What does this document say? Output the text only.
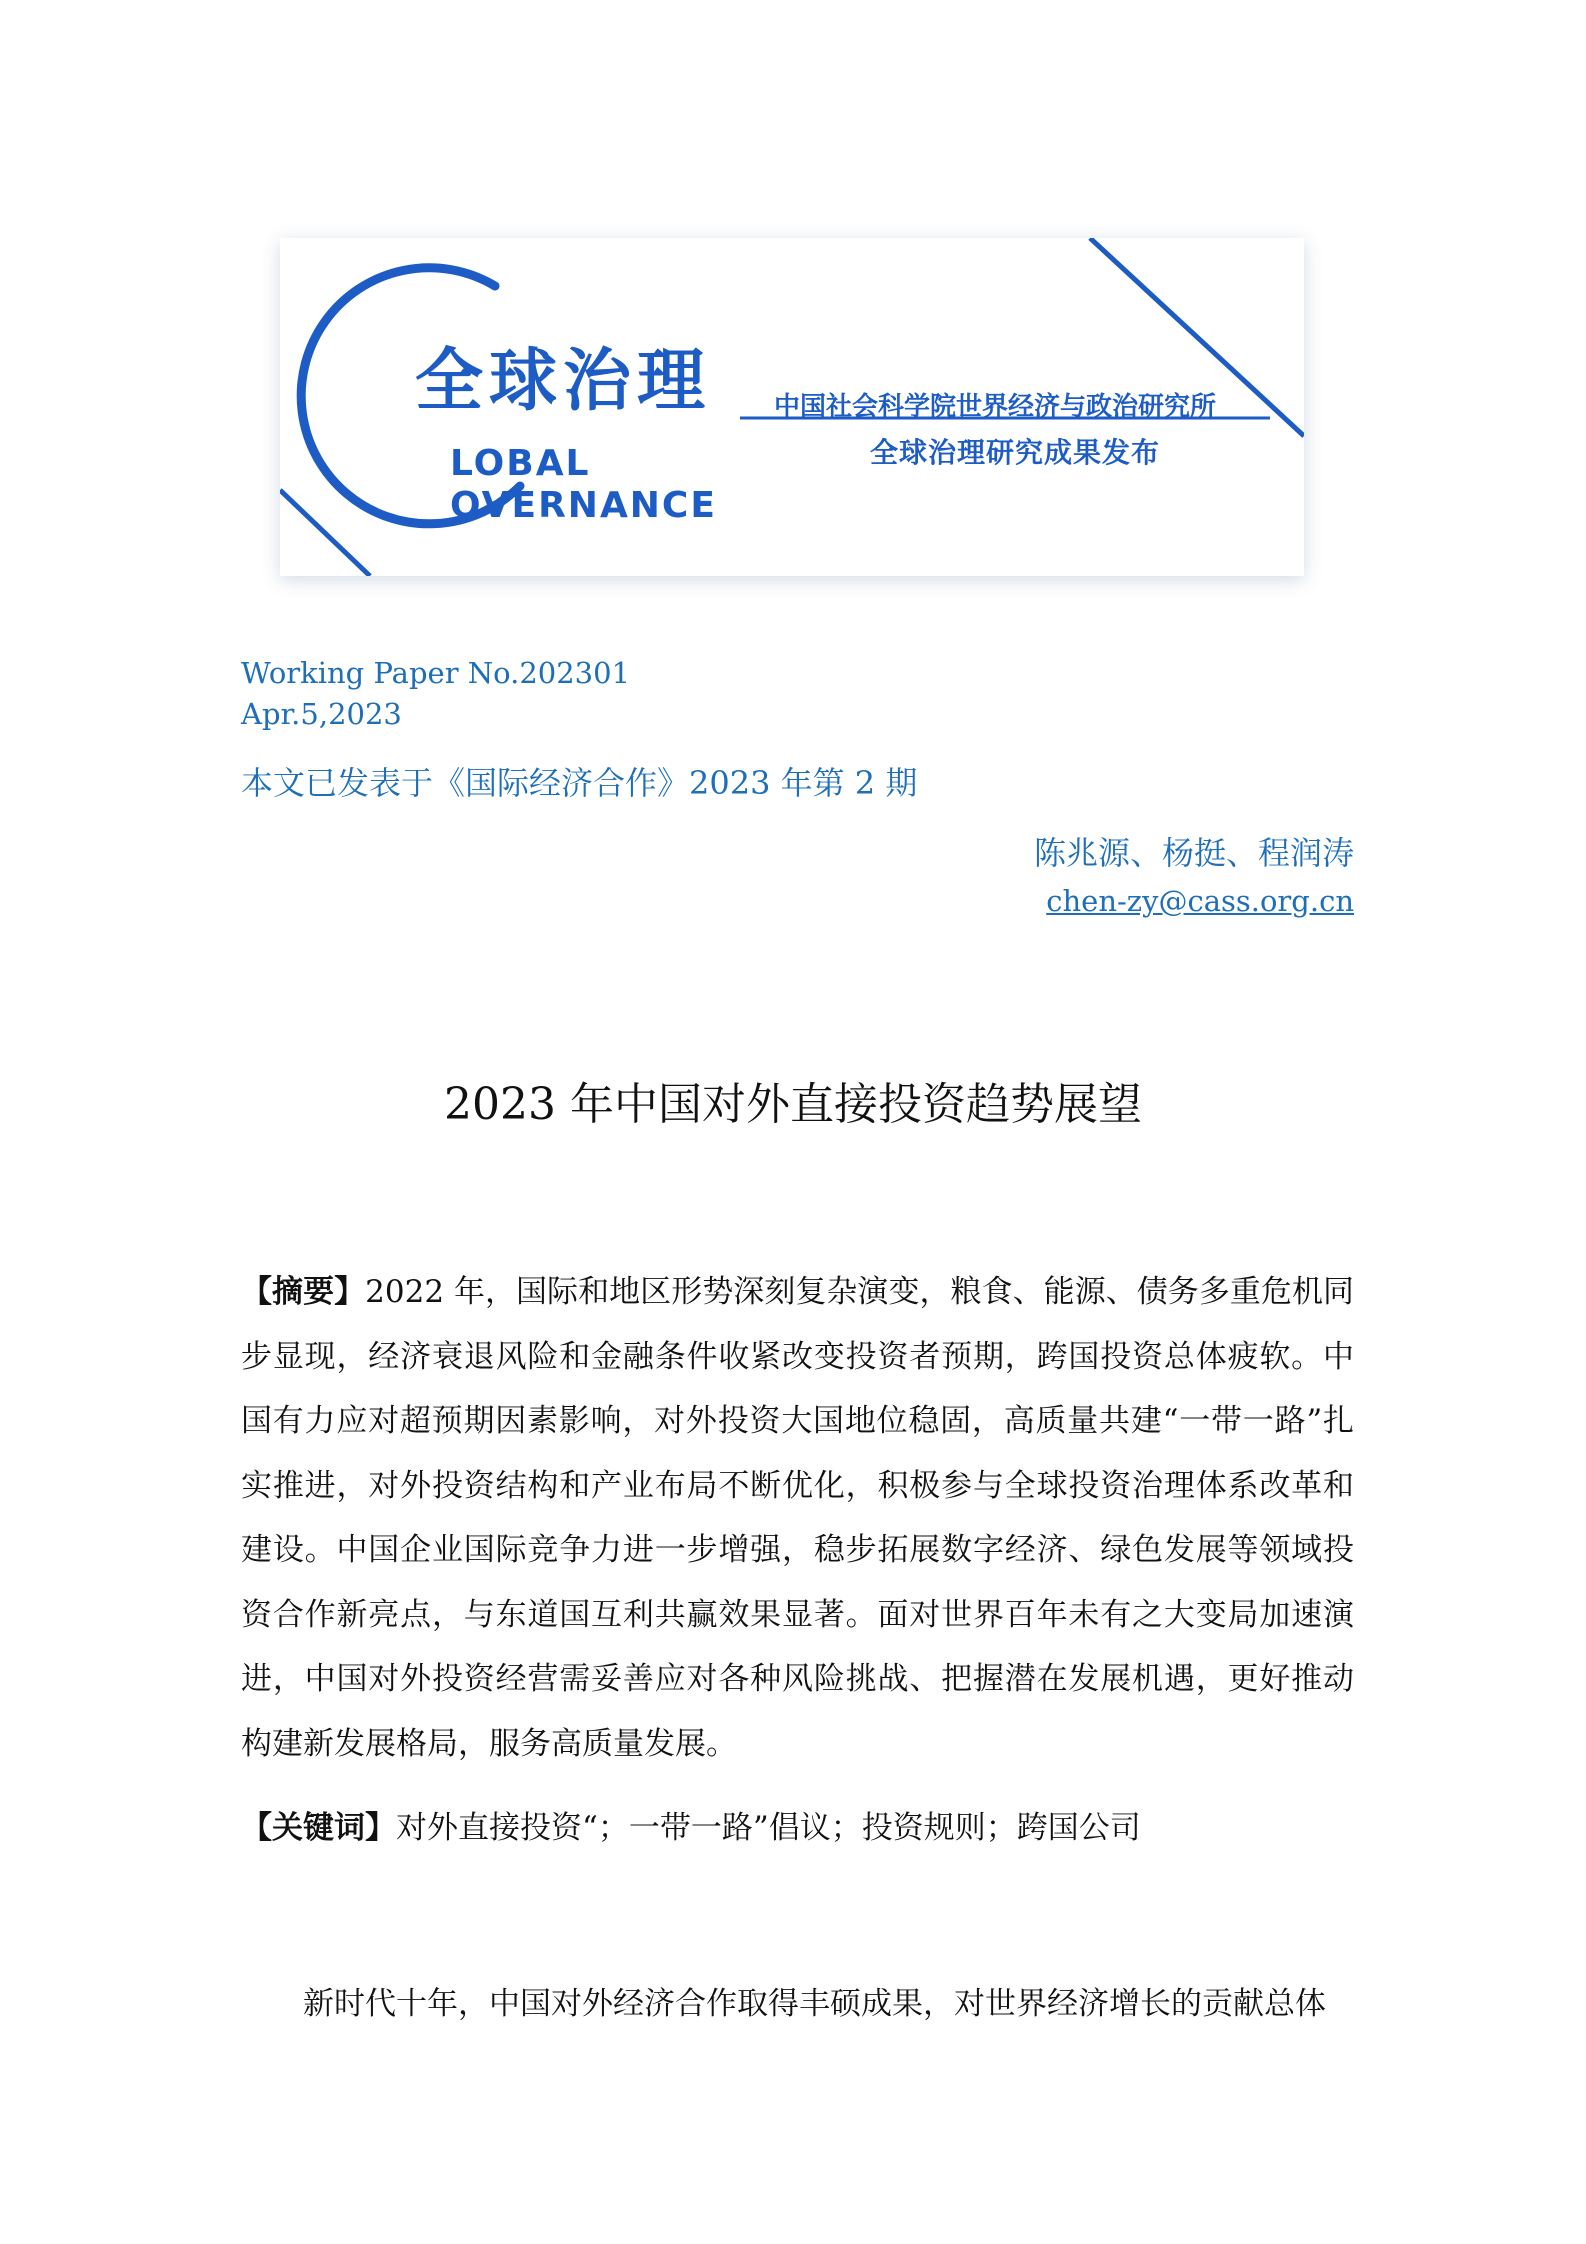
全球治理
LOBAL
OVERNANCE
中国社会科学院世界经济与政治研究所
全球治理研究成果发布
Working Paper No.202301
Apr.5,2023
本文已发表于《国际经济合作》2023 年第 2 期
陈兆源、杨挺、程润涛
chen-zy@cass.org.cn
2023 年中国对外直接投资趋势展望
【摘要】2022 年，国际和地区形势深刻复杂演变，粮食、能源、债务多重危机同步显现，经济衰退风险和金融条件收紧改变投资者预期，跨国投资总体疲软。中国有力应对超预期因素影响，对外投资大国地位稳固，高质量共建“一带一路”扎实推进，对外投资结构和产业布局不断优化，积极参与全球投资治理体系改革和建设。中国企业国际竞争力进一步增强，稳步拓展数字经济、绿色发展等领域投资合作新亮点，与东道国互利共赢效果显著。面对世界百年未有之大变局加速演进，中国对外投资经营需妥善应对各种风险挑战、把握潜在发展机遇，更好推动构建新发展格局，服务高质量发展。
【关键词】对外直接投资“；一带一路”倡议；投资规则；跨国公司
新时代十年，中国对外经济合作取得丰硕成果，对世界经济增长的贡献总体
